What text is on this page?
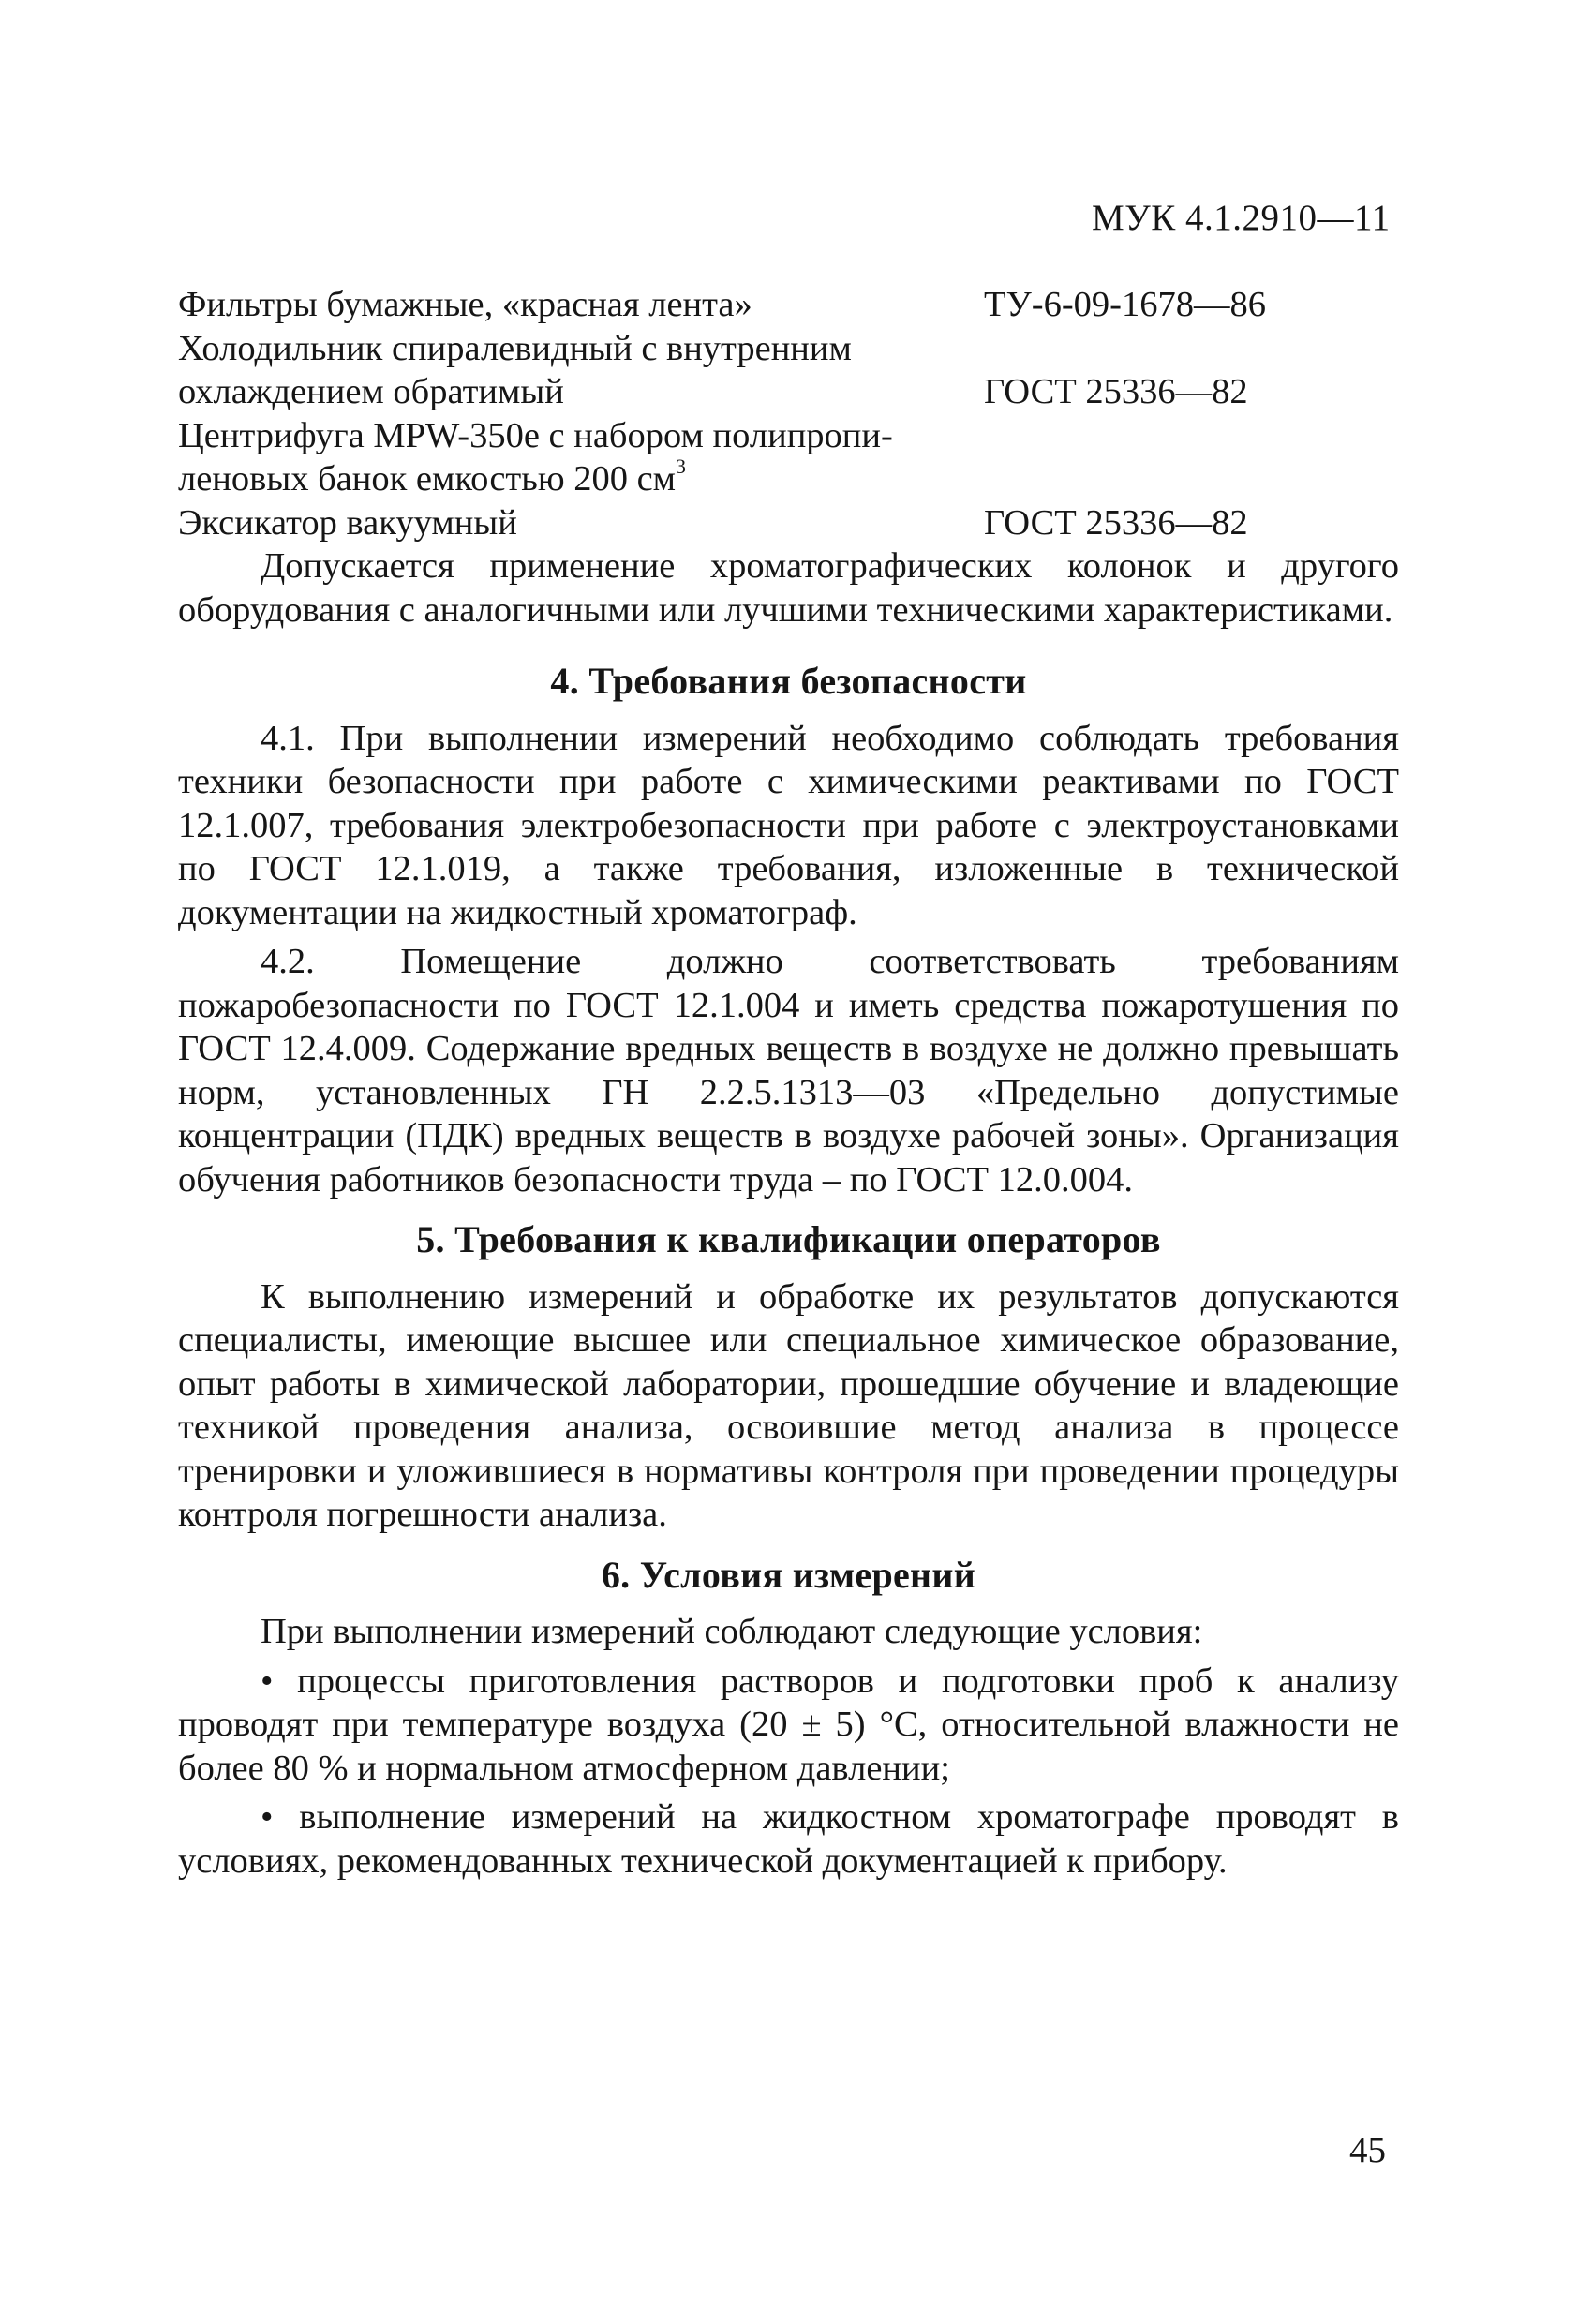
МУК 4.1.2910—11
Фильтры бумажные, «красная лента»	ТУ-6-09-1678—86
Холодильник спиралевидный с внутренним
охлаждением обратимый	ГОСТ 25336—82
Центрифуга MPW-350e с набором полипропи-
леновых банок емкостью 200 $см^3$
Эксикатор вакуумный	ГОСТ 25336—82

Допускается применение хроматографических колонок и другого оборудования с аналогичными или лучшими техническими характеристиками.

4. Требования безопасности

4.1. При выполнении измерений необходимо соблюдать требования техники безопасности при работе с химическими реактивами по ГОСТ 12.1.007, требования электробезопасности при работе с электроустановками по ГОСТ 12.1.019, а также требования, изложенные в технической документации на жидкостный хроматограф.

4.2. Помещение должно соответствовать требованиям пожаробезопасности по ГОСТ 12.1.004 и иметь средства пожаротушения по ГОСТ 12.4.009. Содержание вредных веществ в воздухе не должно превышать норм, установленных ГН 2.2.5.1313—03 «Предельно допустимые концентрации (ПДК) вредных веществ в воздухе рабочей зоны». Организация обучения работников безопасности труда – по ГОСТ 12.0.004.

5. Требования к квалификации операторов

К выполнению измерений и обработке их результатов допускаются специалисты, имеющие высшее или специальное химическое образование, опыт работы в химической лаборатории, прошедшие обучение и владеющие техникой проведения анализа, освоившие метод анализа в процессе тренировки и уложившиеся в нормативы контроля при проведении процедуры контроля погрешности анализа.

6. Условия измерений

При выполнении измерений соблюдают следующие условия:

• процессы приготовления растворов и подготовки проб к анализу проводят при температуре воздуха (20 ± 5) °C, относительной влажности не более 80 % и нормальном атмосферном давлении;

• выполнение измерений на жидкостном хроматографе проводят в условиях, рекомендованных технической документацией к прибору.

45
